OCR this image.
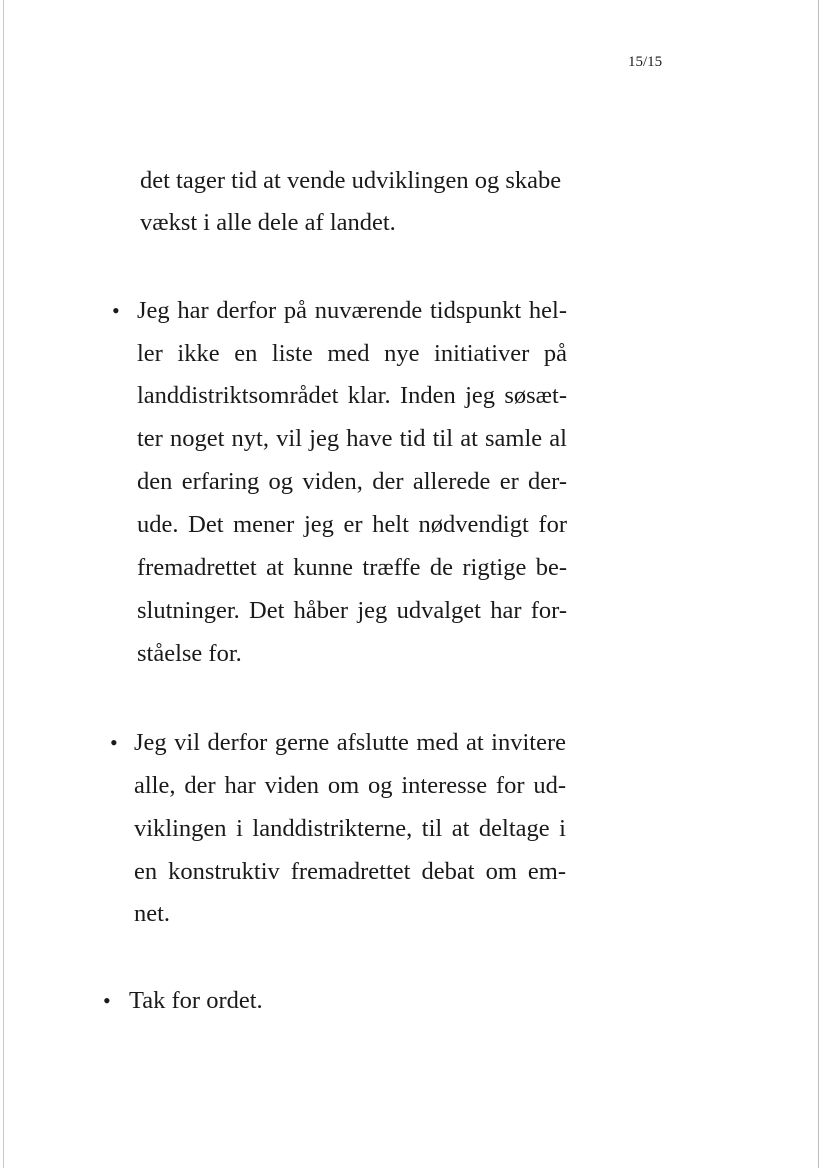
15/15
det tager tid at vende udviklingen og skabe
vækst i alle dele af landet.
• Jeg har derfor på nuværende tidspunkt hel-
ler ikke en liste med nye initiativer på
landdistriktsområdet klar. Inden jeg søsæt-
ter noget nyt, vil jeg have tid til at samle al
den erfaring og viden, der allerede er der-
ude. Det mener jeg er helt nødvendigt for
fremadrettet at kunne træffe de rigtige be-
slutninger. Det håber jeg udvalget har for-
ståelse for.
• Jeg vil derfor gerne afslutte med at invitere
alle, der har viden om og interesse for ud-
viklingen i landdistrikterne, til at deltage i
en konstruktiv fremadrettet debat om em-
net.
• Tak for ordet.
